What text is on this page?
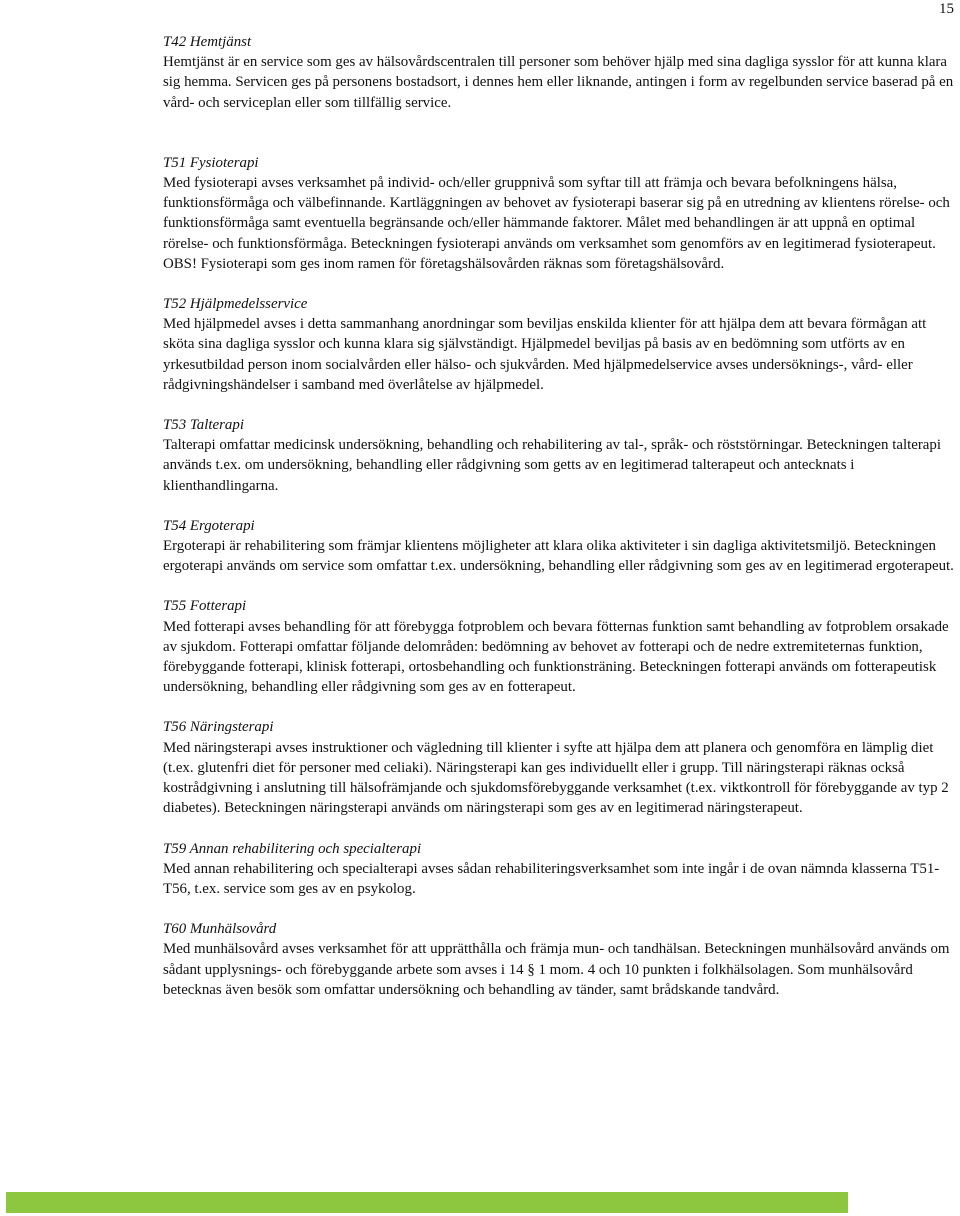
15

T42 Hemtjänst

Hemtjänst är en service som ges av hälsovårdscentralen till personer som behöver hjälp med sina dagliga sysslor för att kunna klara sig hemma. Servicen ges på personens bostadsort, i dennes hem eller liknande, antingen i form av regelbunden service baserad på en vård- och serviceplan eller som tillfällig service.

T51 Fysioterapi

Med fysioterapi avses verksamhet på individ- och/eller gruppnivå som syftar till att främja och bevara befolkningens hälsa, funktionsförmåga och välbefinnande. Kartläggningen av behovet av fysioterapi baserar sig på en utredning av klientens rörelse- och funktionsförmåga samt eventuella begränsande och/eller hämmande faktorer. Målet med behandlingen är att uppnå en optimal rörelse- och funktionsförmåga. Beteckningen fysioterapi används om verksamhet som genomförs av en legitimerad fysioterapeut. OBS! Fysioterapi som ges inom ramen för företagshälsovården räknas som företagshälsovård.

T52 Hjälpmedelsservice

Med hjälpmedel avses i detta sammanhang anordningar som beviljas enskilda klienter för att hjälpa dem att bevara förmågan att sköta sina dagliga sysslor och kunna klara sig självständigt. Hjälpmedel beviljas på basis av en bedömning som utförts av en yrkesutbildad person inom socialvården eller hälso- och sjukvården. Med hjälpmedelservice avses undersöknings-, vård- eller rådgivningshändelser i samband med överlåtelse av hjälpmedel.

T53 Talterapi

Talterapi omfattar medicinsk undersökning, behandling och rehabilitering av tal-, språk- och röststörningar. Beteckningen talterapi används t.ex. om undersökning, behandling eller rådgivning som getts av en legitimerad talterapeut och antecknats i klienthandlingarna.

T54 Ergoterapi

Ergoterapi är rehabilitering som främjar klientens möjligheter att klara olika aktiviteter i sin dagliga aktivitetsmiljö. Beteckningen ergoterapi används om service som omfattar t.ex. undersökning, behandling eller rådgivning som ges av en legitimerad ergoterapeut.

T55 Fotterapi

Med fotterapi avses behandling för att förebygga fotproblem och bevara fötternas funktion samt behandling av fotproblem orsakade av sjukdom. Fotterapi omfattar följande delområden: bedömning av behovet av fotterapi och de nedre extremiteternas funktion, förebyggande fotterapi, klinisk fotterapi, ortosbehandling och funktionsträning. Beteckningen fotterapi används om fotterapeutisk undersökning, behandling eller rådgivning som ges av en fotterapeut.

T56 Näringsterapi

Med näringsterapi avses instruktioner och vägledning till klienter i syfte att hjälpa dem att planera och genomföra en lämplig diet (t.ex. glutenfri diet för personer med celiaki). Näringsterapi kan ges individuellt eller i grupp. Till näringsterapi räknas också kostrådgivning i anslutning till hälsofrämjande och sjukdomsförebyggande verksamhet (t.ex. viktkontroll för förebyggande av typ 2 diabetes). Beteckningen näringsterapi används om näringsterapi som ges av en legitimerad näringsterapeut.

T59 Annan rehabilitering och specialterapi

Med annan rehabilitering och specialterapi avses sådan rehabiliteringsverksamhet som inte ingår i de ovan nämnda klasserna T51-T56, t.ex. service som ges av en psykolog.

T60 Munhälsovård

Med munhälsovård avses verksamhet för att upprätthålla och främja mun- och tandhälsan. Beteckningen munhälsovård används om sådant upplysnings- och förebyggande arbete som avses i 14 § 1 mom. 4 och 10 punkten i folkhälsolagen. Som munhälsovård betecknas även besök som omfattar undersökning och behandling av tänder, samt brådskande tandvård.
